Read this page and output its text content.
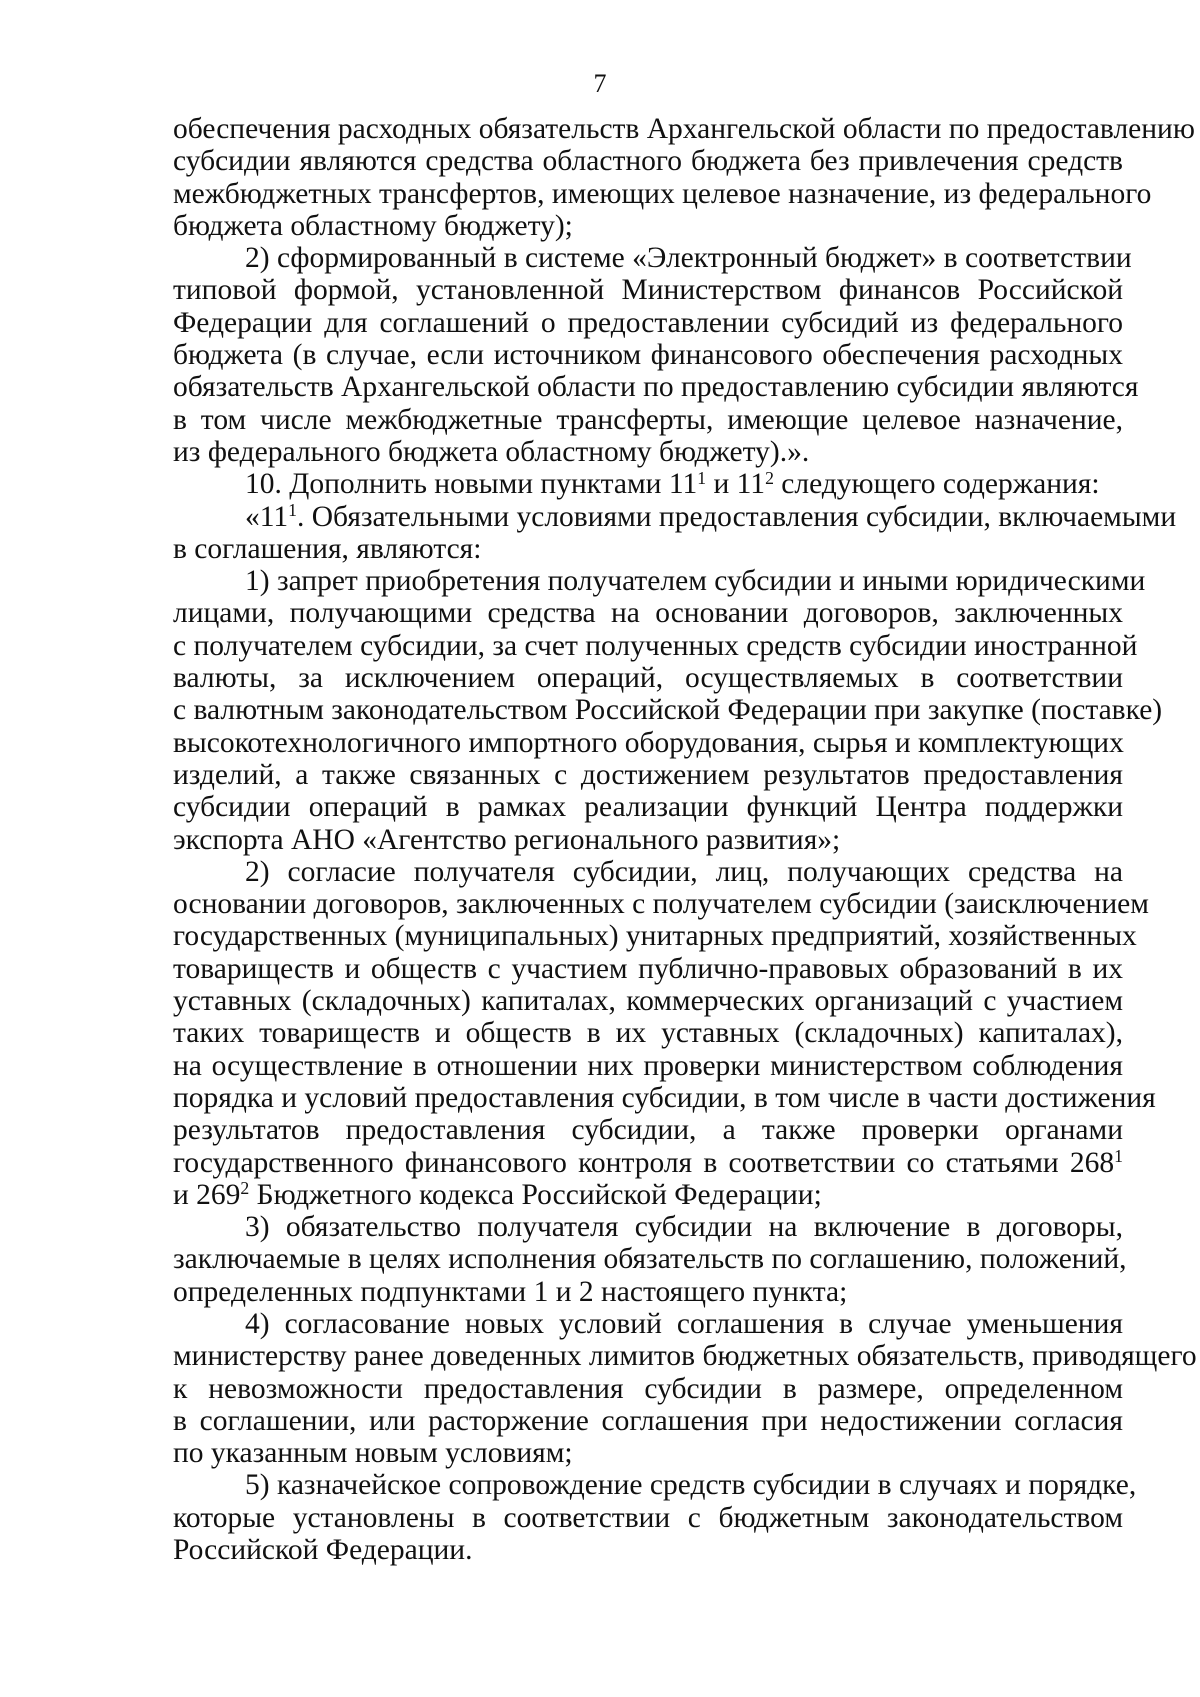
7
обеспечения расходных обязательств Архангельской области по предоставлению
субсидии являются средства областного бюджета без привлечения средств
межбюджетных трансфертов, имеющих целевое назначение, из федерального
бюджета областному бюджету);
2) сформированный в системе «Электронный бюджет» в соответствии
типовой формой, установленной Министерством финансов Российской
Федерации для соглашений о предоставлении субсидий из федерального
бюджета (в случае, если источником финансового обеспечения расходных
обязательств Архангельской области по предоставлению субсидии являются
в том числе межбюджетные трансферты, имеющие целевое назначение,
из федерального бюджета областному бюджету).».
10. Дополнить новыми пунктами $11^1$ и $11^2$ следующего содержания:
«$11^1$. Обязательными условиями предоставления субсидии, включаемыми
в соглашения, являются:
1) запрет приобретения получателем субсидии и иными юридическими
лицами, получающими средства на основании договоров, заключенных
с получателем субсидии, за счет полученных средств субсидии иностранной
валюты, за исключением операций, осуществляемых в соответствии
с валютным законодательством Российской Федерации при закупке (поставке)
высокотехнологичного импортного оборудования, сырья и комплектующих
изделий, а также связанных с достижением результатов предоставления
субсидии операций в рамках реализации функций Центра поддержки
экспорта АНО «Агентство регионального развития»;
2) согласие получателя субсидии, лиц, получающих средства на
основании договоров, заключенных с получателем субсидии (заисключением
государственных (муниципальных) унитарных предприятий, хозяйственных
товариществ и обществ с участием публично-правовых образований в их
уставных (складочных) капиталах, коммерческих организаций с участием
таких товариществ и обществ в их уставных (складочных) капиталах),
на осуществление в отношении них проверки министерством соблюдения
порядка и условий предоставления субсидии, в том числе в части достижения
результатов предоставления субсидии, а также проверки органами
государственного финансового контроля в соответствии со статьями $268^1$
и $269^2$ Бюджетного кодекса Российской Федерации;
3) обязательство получателя субсидии на включение в договоры,
заключаемые в целях исполнения обязательств по соглашению, положений,
определенных подпунктами 1 и 2 настоящего пункта;
4) согласование новых условий соглашения в случае уменьшения
министерству ранее доведенных лимитов бюджетных обязательств, приводящего
к невозможности предоставления субсидии в размере, определенном
в соглашении, или расторжение соглашения при недостижении согласия
по указанным новым условиям;
5) казначейское сопровождение средств субсидии в случаях и порядке,
которые установлены в соответствии с бюджетным законодательством
Российской Федерации.
